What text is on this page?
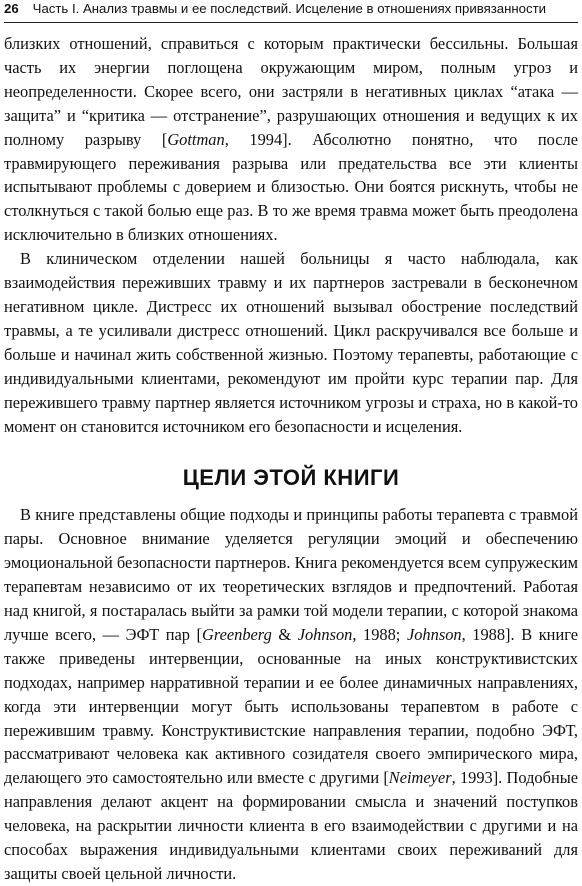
26 Часть I. Анализ травмы и ее последствий. Исцеление в отношениях привязанности

близких отношений, справиться с которым практически бессильны. Большая часть их энергии поглощена окружающим миром, полным угроз и неопределенности. Скорее всего, они застряли в негативных циклах “атака — защита” и “критика — отстранение”, разрушающих отношения и ведущих к их полному разрыву [Gottman, 1994]. Абсолютно понятно, что после травмирующего переживания разрыва или предательства все эти клиенты испытывают проблемы с доверием и близостью. Они боятся рискнуть, чтобы не столкнуться с такой болью еще раз. В то же время травма может быть преодолена исключительно в близких отношениях.

В клиническом отделении нашей больницы я часто наблюдала, как взаимодействия переживших травму и их партнеров застревали в бесконечном негативном цикле. Дистресс их отношений вызывал обострение последствий травмы, а те усиливали дистресс отношений. Цикл раскручивался все больше и больше и начинал жить собственной жизнью. Поэтому терапевты, работающие с индивидуальными клиентами, рекомендуют им пройти курс терапии пар. Для пережившего травму партнер является источником угрозы и страха, но в какой-то момент он становится источником его безопасности и исцеления.

ЦЕЛИ ЭТОЙ КНИГИ

В книге представлены общие подходы и принципы работы терапевта с травмой пары. Основное внимание уделяется регуляции эмоций и обеспечению эмоциональной безопасности партнеров. Книга рекомендуется всем супружеским терапевтам независимо от их теоретических взглядов и предпочтений. Работая над книгой, я постаралась выйти за рамки той модели терапии, с которой знакома лучше всего, — ЭФТ пар [Greenberg & Johnson, 1988; Johnson, 1988]. В книге также приведены интервенции, основанные на иных конструктивистских подходах, например нарративной терапии и ее более динамичных направлениях, когда эти интервенции могут быть использованы терапевтом в работе с пережившим травму. Конструктивистские направления терапии, подобно ЭФТ, рассматривают человека как активного созидателя своего эмпирического мира, делающего это самостоятельно или вместе с другими [Neimeyer, 1993]. Подобные направления делают акцент на формировании смысла и значений поступков человека, на раскрытии личности клиента в его взаимодействии с другими и на способах выражения индивидуальными клиентами своих переживаний для защиты своей цельной личности.
